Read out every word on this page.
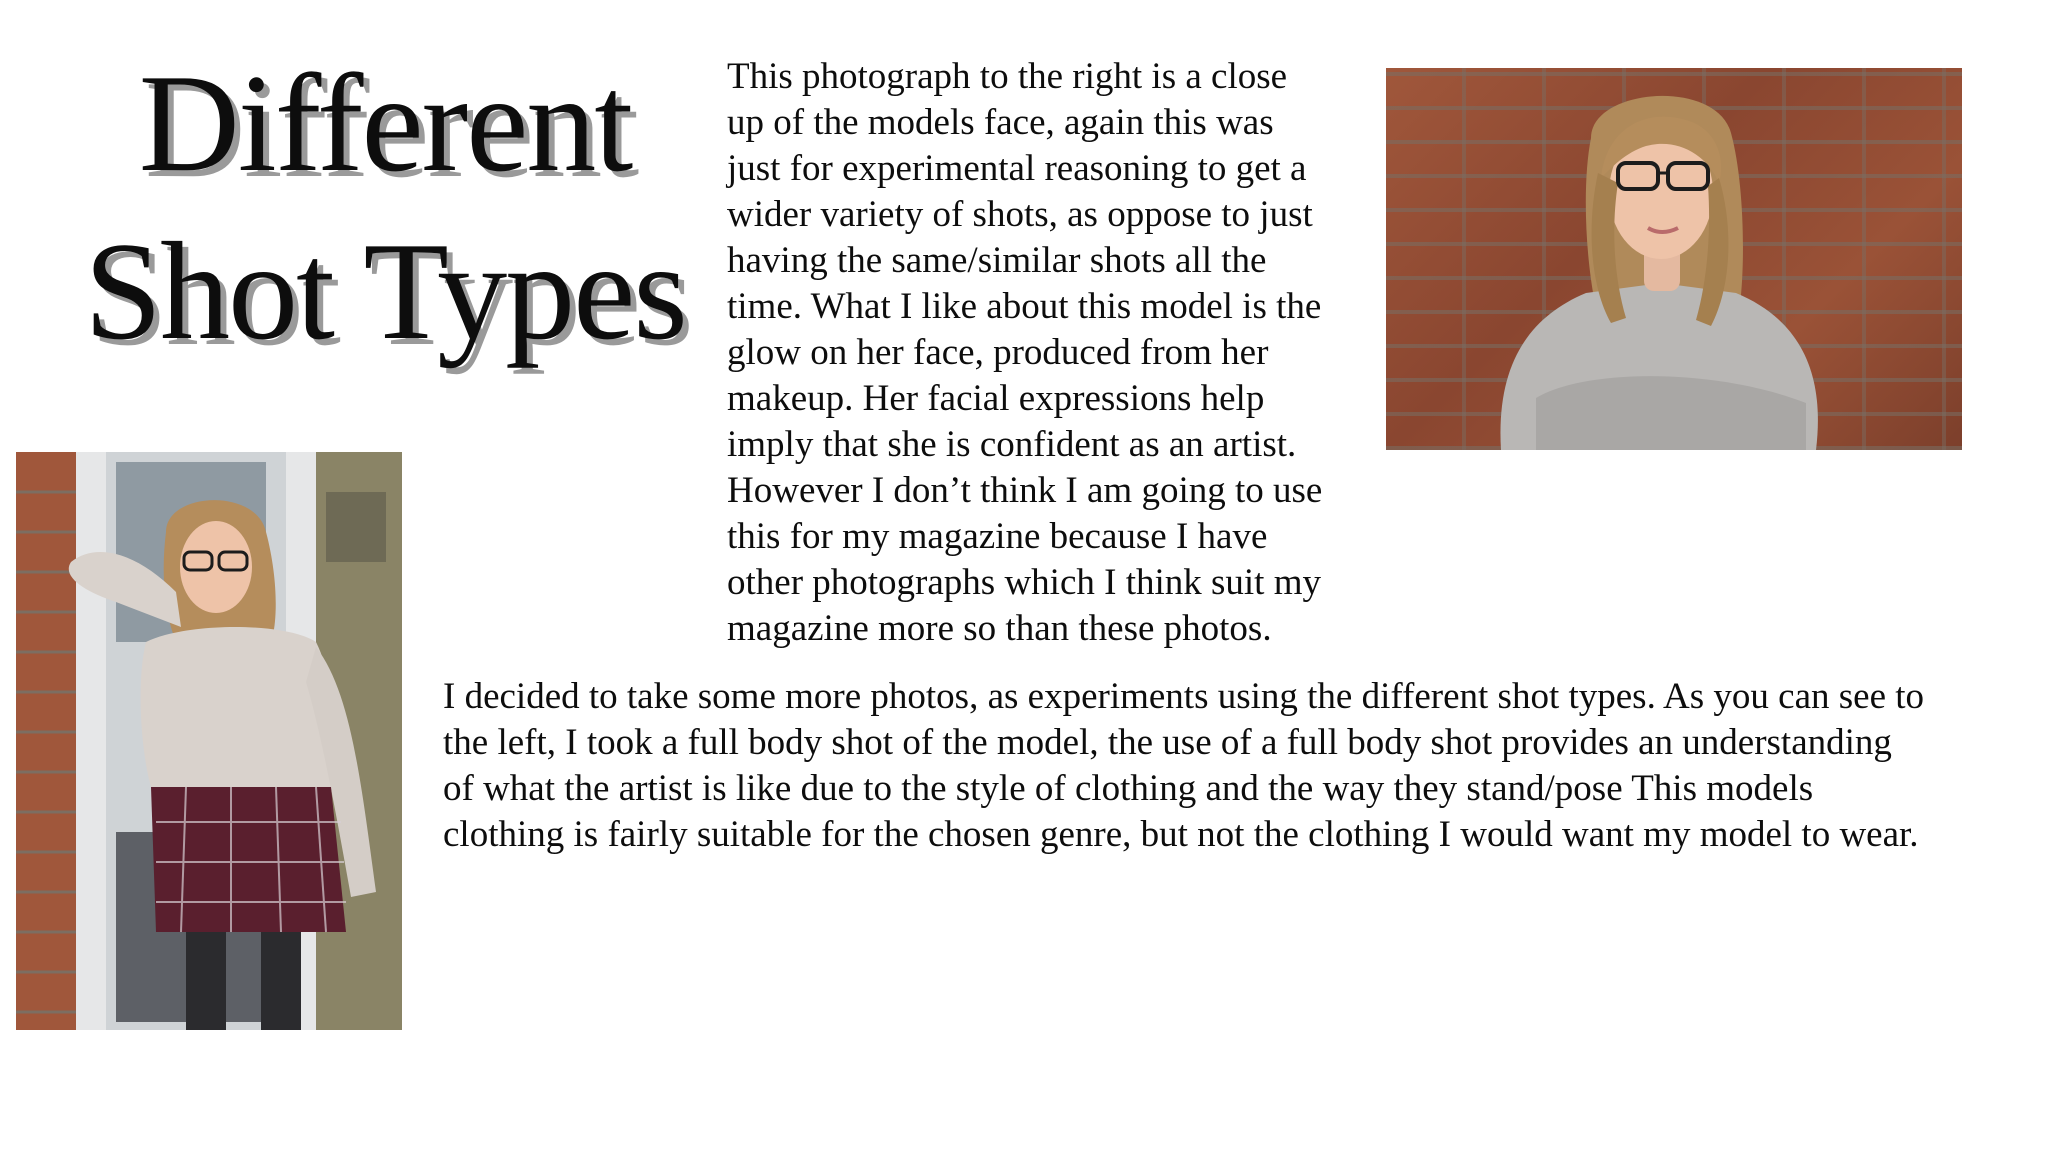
Different
Shot Types

This photograph to the right is a close
up of the models face, again this was
just for experimental reasoning to get a
wider variety of shots, as oppose to just
having the same/similar shots all the
time. What I like about this model is the
glow on her face, produced from her
makeup. Her facial expressions help
imply that she is confident as an artist.
However I don’t think I am going to use
this for my magazine because I have
other photographs which I think suit my
magazine more so than these photos.

I decided to take some more photos, as experiments using the different shot types. As you can see to
the left, I took a full body shot of the model, the use of a full body shot provides an understanding
of what the artist is like due to the style of clothing and the way they stand/pose This models
clothing is fairly suitable for the chosen genre, but not the clothing I would want my model to wear.
